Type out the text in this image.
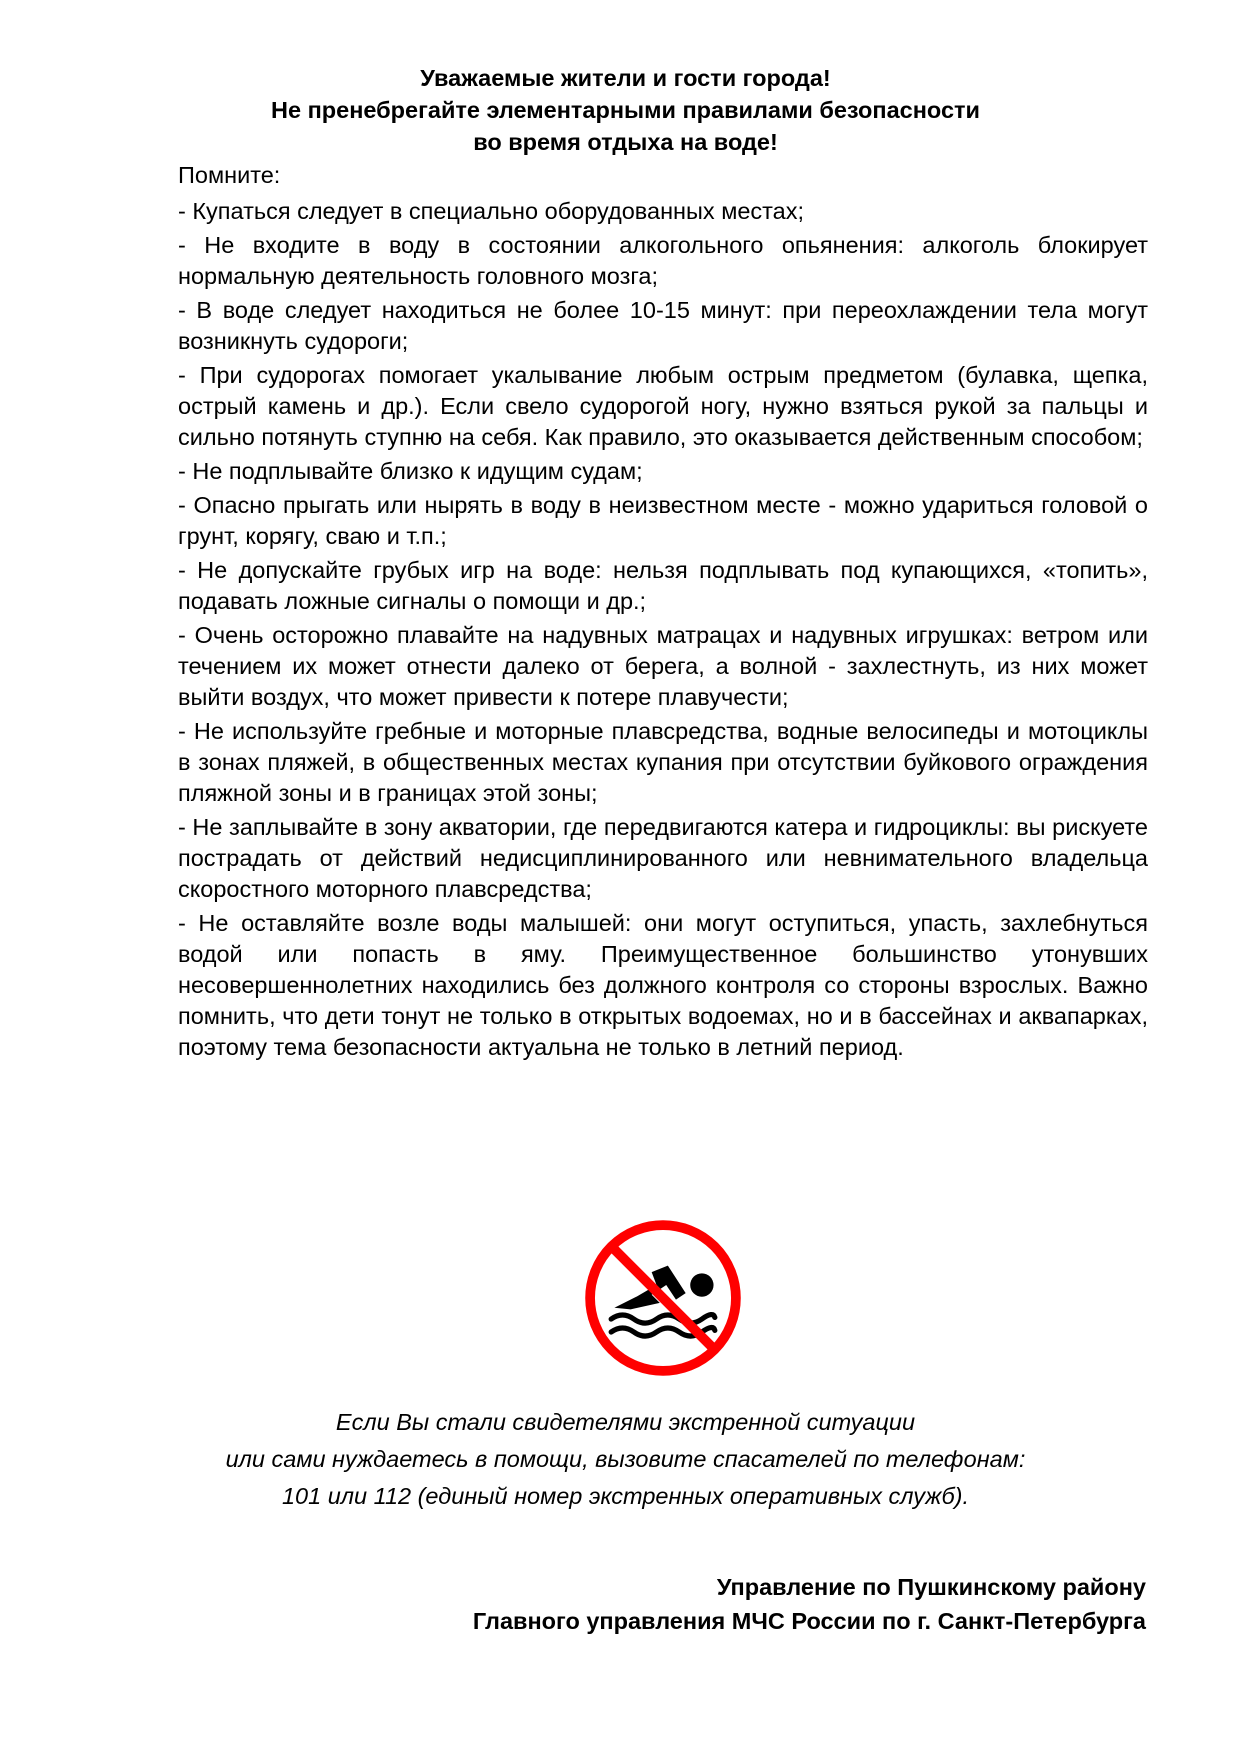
Уважаемые жители и гости города!
Не пренебрегайте элементарными правилами безопасности
во время отдыха на воде!
Помните:
- Купаться следует в специально оборудованных местах;
- Не входите в воду в состоянии алкогольного опьянения: алкоголь блокирует нормальную деятельность головного мозга;
- В воде следует находиться не более 10-15 минут: при переохлаждении тела могут возникнуть судороги;
- При судорогах помогает укалывание любым острым предметом (булавка, щепка, острый камень и др.). Если свело судорогой ногу, нужно взяться рукой за пальцы и сильно потянуть ступню на себя. Как правило, это оказывается действенным способом;
- Не подплывайте близко к идущим судам;
- Опасно прыгать или нырять в воду в неизвестном месте - можно удариться головой о грунт, корягу, сваю и т.п.;
- Не допускайте грубых игр на воде: нельзя подплывать под купающихся, «топить», подавать ложные сигналы о помощи и др.;
- Очень осторожно плавайте на надувных матрацах и надувных игрушках: ветром или течением их может отнести далеко от берега, а волной - захлестнуть, из них может выйти воздух, что может привести к потере плавучести;
- Не используйте гребные и моторные плавсредства, водные велосипеды и мотоциклы в зонах пляжей, в общественных местах купания при отсутствии буйкового ограждения пляжной зоны и в границах этой зоны;
- Не заплывайте в зону акватории, где передвигаются катера и гидроциклы: вы рискуете пострадать от действий недисциплинированного или невнимательного владельца скоростного моторного плавсредства;
- Не оставляйте возле воды малышей: они могут оступиться, упасть, захлебнуться водой или попасть в яму. Преимущественное большинство утонувших несовершеннолетних находились без должного контроля со стороны взрослых. Важно помнить, что дети тонут не только в открытых водоемах, но и в бассейнах и аквапарках, поэтому тема безопасности актуальна не только в летний период.
Если Вы стали свидетелями экстренной ситуации
или сами нуждаетесь в помощи, вызовите спасателей по телефонам:
101 или 112 (единый номер экстренных оперативных служб).
Управление по Пушкинскому району
Главного управления МЧС России по г. Санкт-Петербурга
